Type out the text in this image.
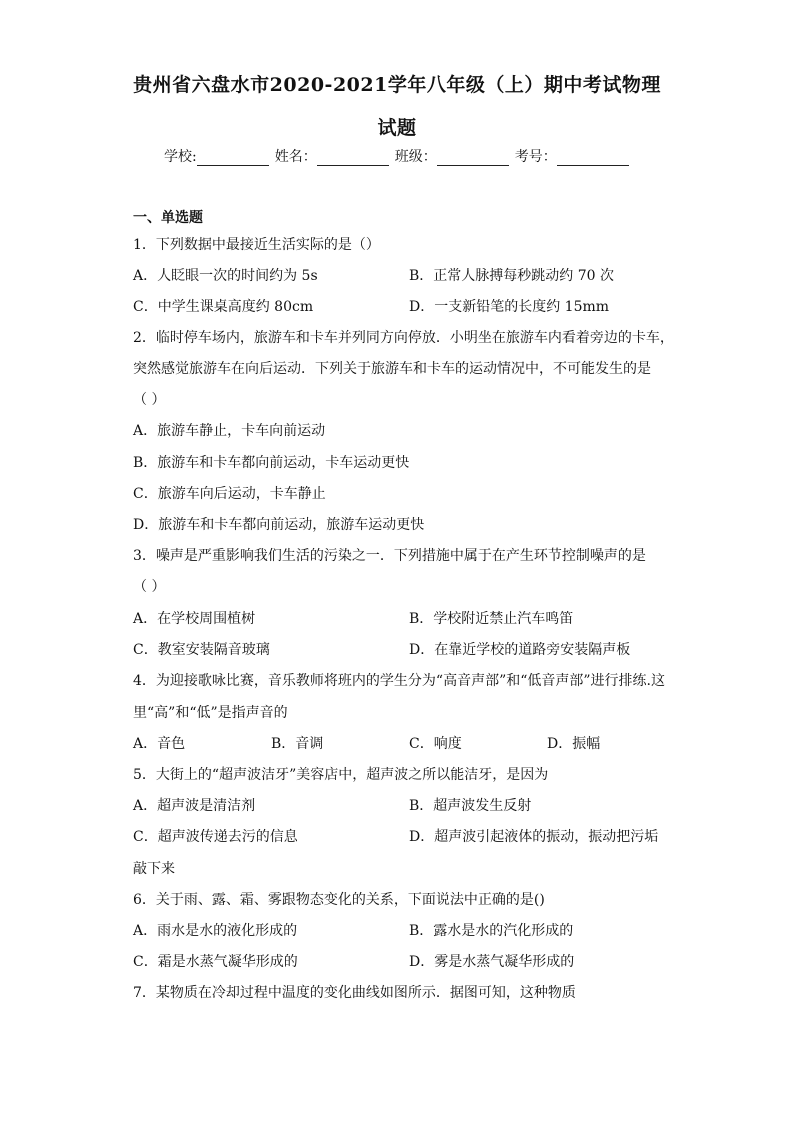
贵州省六盘水市2020-2021学年八年级（上）期中考试物理
试题
学校:	姓名：	班级：	考号：
一、单选题
1．下列数据中最接近生活实际的是（）
A．人眨眼一次的时间约为 5s	B．正常人脉搏每秒跳动约 70 次
C．中学生课桌高度约 80cm	D．一支新铅笔的长度约 15mm
2．临时停车场内，旅游车和卡车并列同方向停放．小明坐在旅游车内看着旁边的卡车，
突然感觉旅游车在向后运动．下列关于旅游车和卡车的运动情况中，不可能发生的是
（ ）
A．旅游车静止，卡车向前运动
B．旅游车和卡车都向前运动，卡车运动更快
C．旅游车向后运动，卡车静止
D．旅游车和卡车都向前运动，旅游车运动更快
3．噪声是严重影响我们生活的污染之一．下列措施中属于在产生环节控制噪声的是
（ ）
A．在学校周围植树	B．学校附近禁止汽车鸣笛
C．教室安装隔音玻璃	D．在靠近学校的道路旁安装隔声板
4．为迎接歌咏比赛，音乐教师将班内的学生分为“高音声部”和“低音声部”进行排练.这
里“高”和“低”是指声音的
A．音色	B．音调	C．响度	D．振幅
5．大街上的“超声波洁牙”美容店中，超声波之所以能洁牙，是因为
A．超声波是清洁剂	B．超声波发生反射
C．超声波传递去污的信息	D．超声波引起液体的振动，振动把污垢
敲下来
6．关于雨、露、霜、雾跟物态变化的关系，下面说法中正确的是()
A．雨水是水的液化形成的	B．露水是水的汽化形成的
C．霜是水蒸气凝华形成的	D．雾是水蒸气凝华形成的
7．某物质在冷却过程中温度的变化曲线如图所示．据图可知，这种物质
